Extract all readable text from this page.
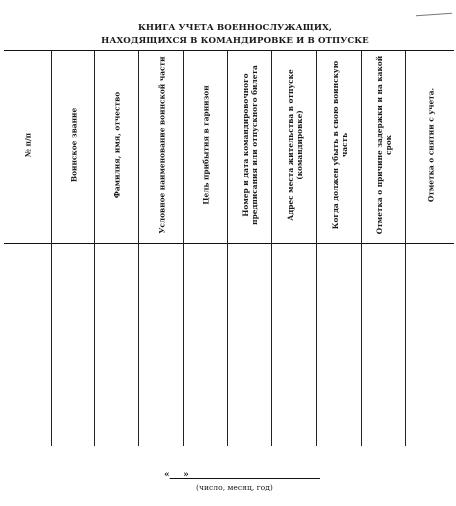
КНИГА УЧЕТА ВОЕННОСЛУЖАЩИХ,
НАХОДЯЩИХСЯ В КОМАНДИРОВКЕ И В ОТПУСКЕ
№ п/п	Воинское звание	Фамилия, имя, отчество	Условное наименование воинской части	Цель прибытия в гарнизон	Номер и дата командировочного предписания или отпускного билета	Адрес места жительства в отпуске (командировке)	Когда должен убыть в свою воинскую часть	Отметка о причине задержки и на какой срок	Отметка о снятии с учета.
«___»
(число, месяц, год)
